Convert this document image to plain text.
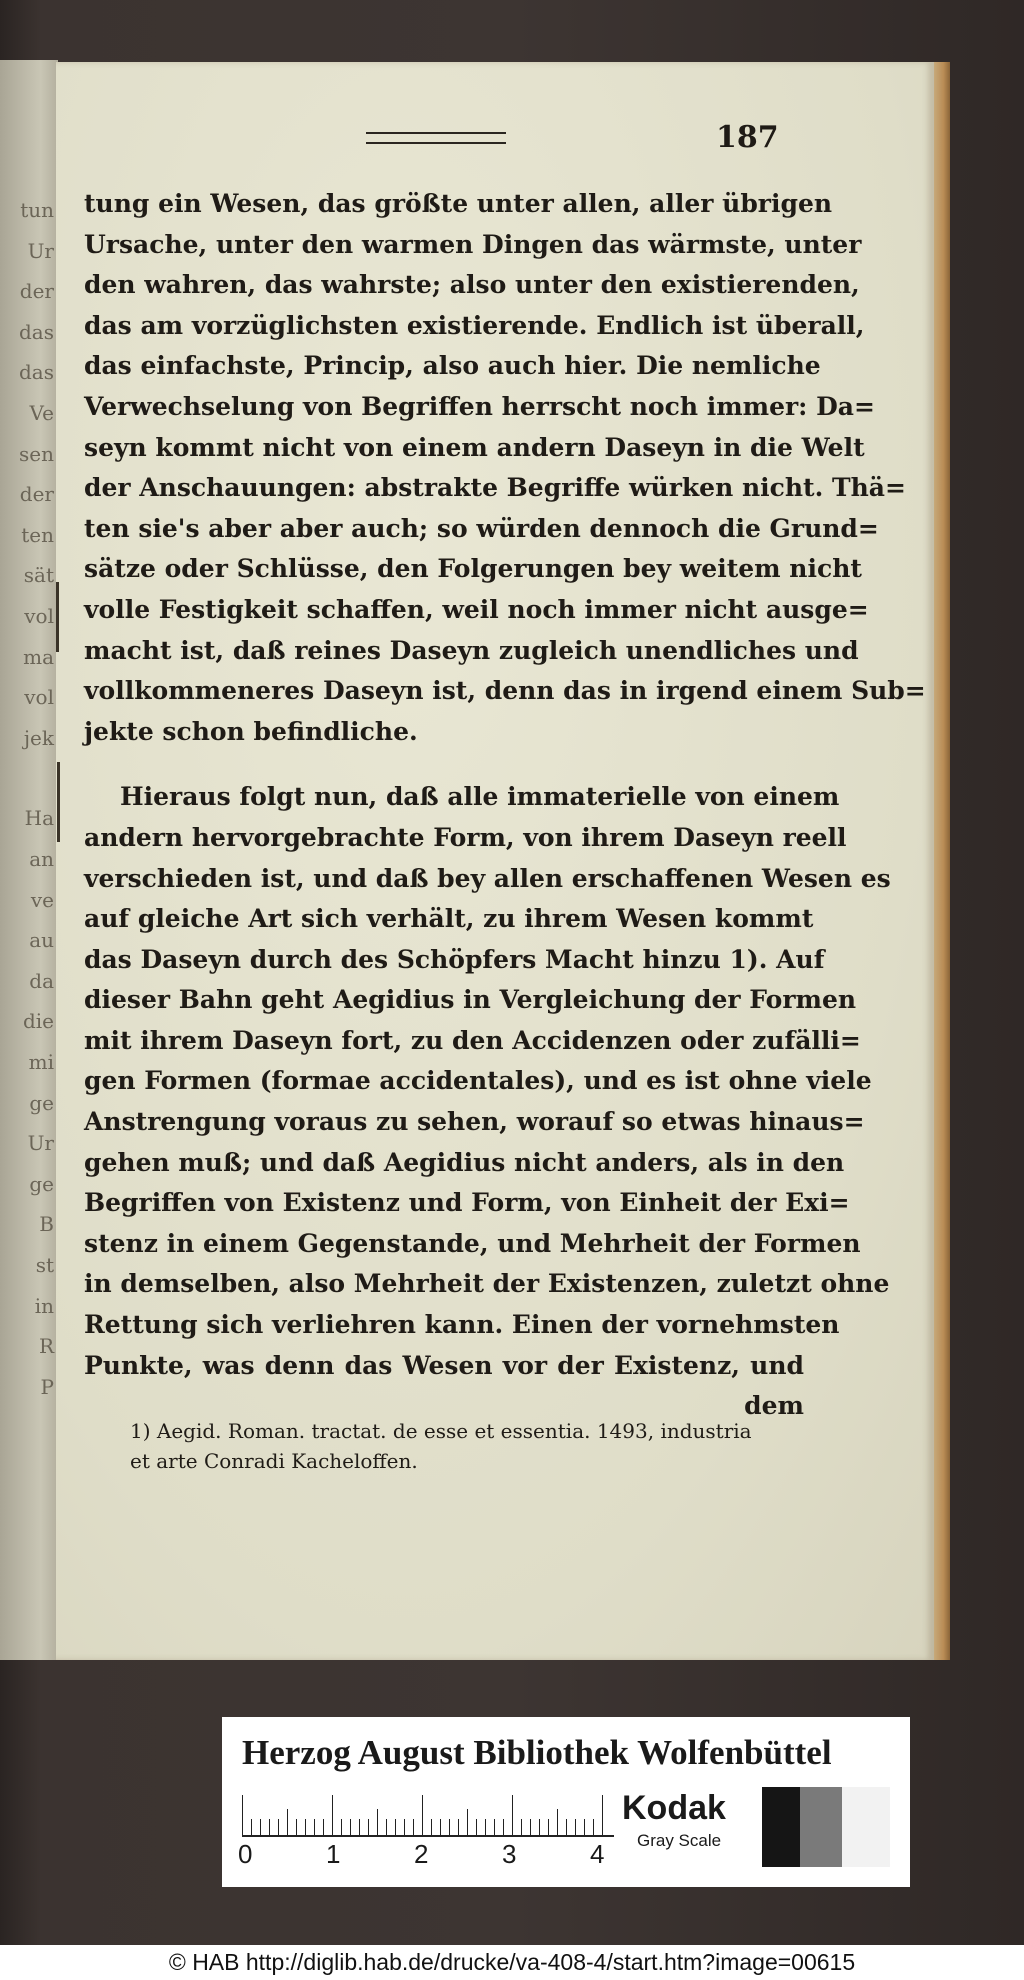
tun
Ur
der
das
das
Ve
sen
der
ten
sät
vol
ma
vol
jek
Ha
an
ve
au
da
die
mi
ge
Ur
ge
B
st
in
R
P
187
tung ein Wesen, das größte unter allen, aller übrigen
Ursache, unter den warmen Dingen das wärmste, unter
den wahren, das wahrste; also unter den existierenden,
das am vorzüglichsten existierende. Endlich ist überall,
das einfachste, Princip, also auch hier. Die nemliche
Verwechselung von Begriffen herrscht noch immer: Da=
seyn kommt nicht von einem andern Daseyn in die Welt
der Anschauungen: abstrakte Begriffe würken nicht. Thä=
ten sie's aber aber auch; so würden dennoch die Grund=
sätze oder Schlüsse, den Folgerungen bey weitem nicht
volle Festigkeit schaffen, weil noch immer nicht ausge=
macht ist, daß reines Daseyn zugleich unendliches und
vollkommeneres Daseyn ist, denn das in irgend einem Sub=
jekte schon befindliche.
Hieraus folgt nun, daß alle immaterielle von einem
andern hervorgebrachte Form, von ihrem Daseyn reell
verschieden ist, und daß bey allen erschaffenen Wesen es
auf gleiche Art sich verhält, zu ihrem Wesen kommt
das Daseyn durch des Schöpfers Macht hinzu 1). Auf
dieser Bahn geht Aegidius in Vergleichung der Formen
mit ihrem Daseyn fort, zu den Accidenzen oder zufälli=
gen Formen (formae accidentales), und es ist ohne viele
Anstrengung voraus zu sehen, worauf so etwas hinaus=
gehen muß; und daß Aegidius nicht anders, als in den
Begriffen von Existenz und Form, von Einheit der Exi=
stenz in einem Gegenstande, und Mehrheit der Formen
in demselben, also Mehrheit der Existenzen, zuletzt ohne
Rettung sich verliehren kann. Einen der vornehmsten
Punkte, was denn das Wesen vor der Existenz, und
dem
1) Aegid. Roman. tractat. de esse et essentia. 1493, industria
et arte Conradi Kacheloffen.
Herzog August Bibliothek Wolfenbüttel
0	1	2	3	4
Kodak
Gray Scale
© HAB http://diglib.hab.de/drucke/va-408-4/start.htm?image=00615
